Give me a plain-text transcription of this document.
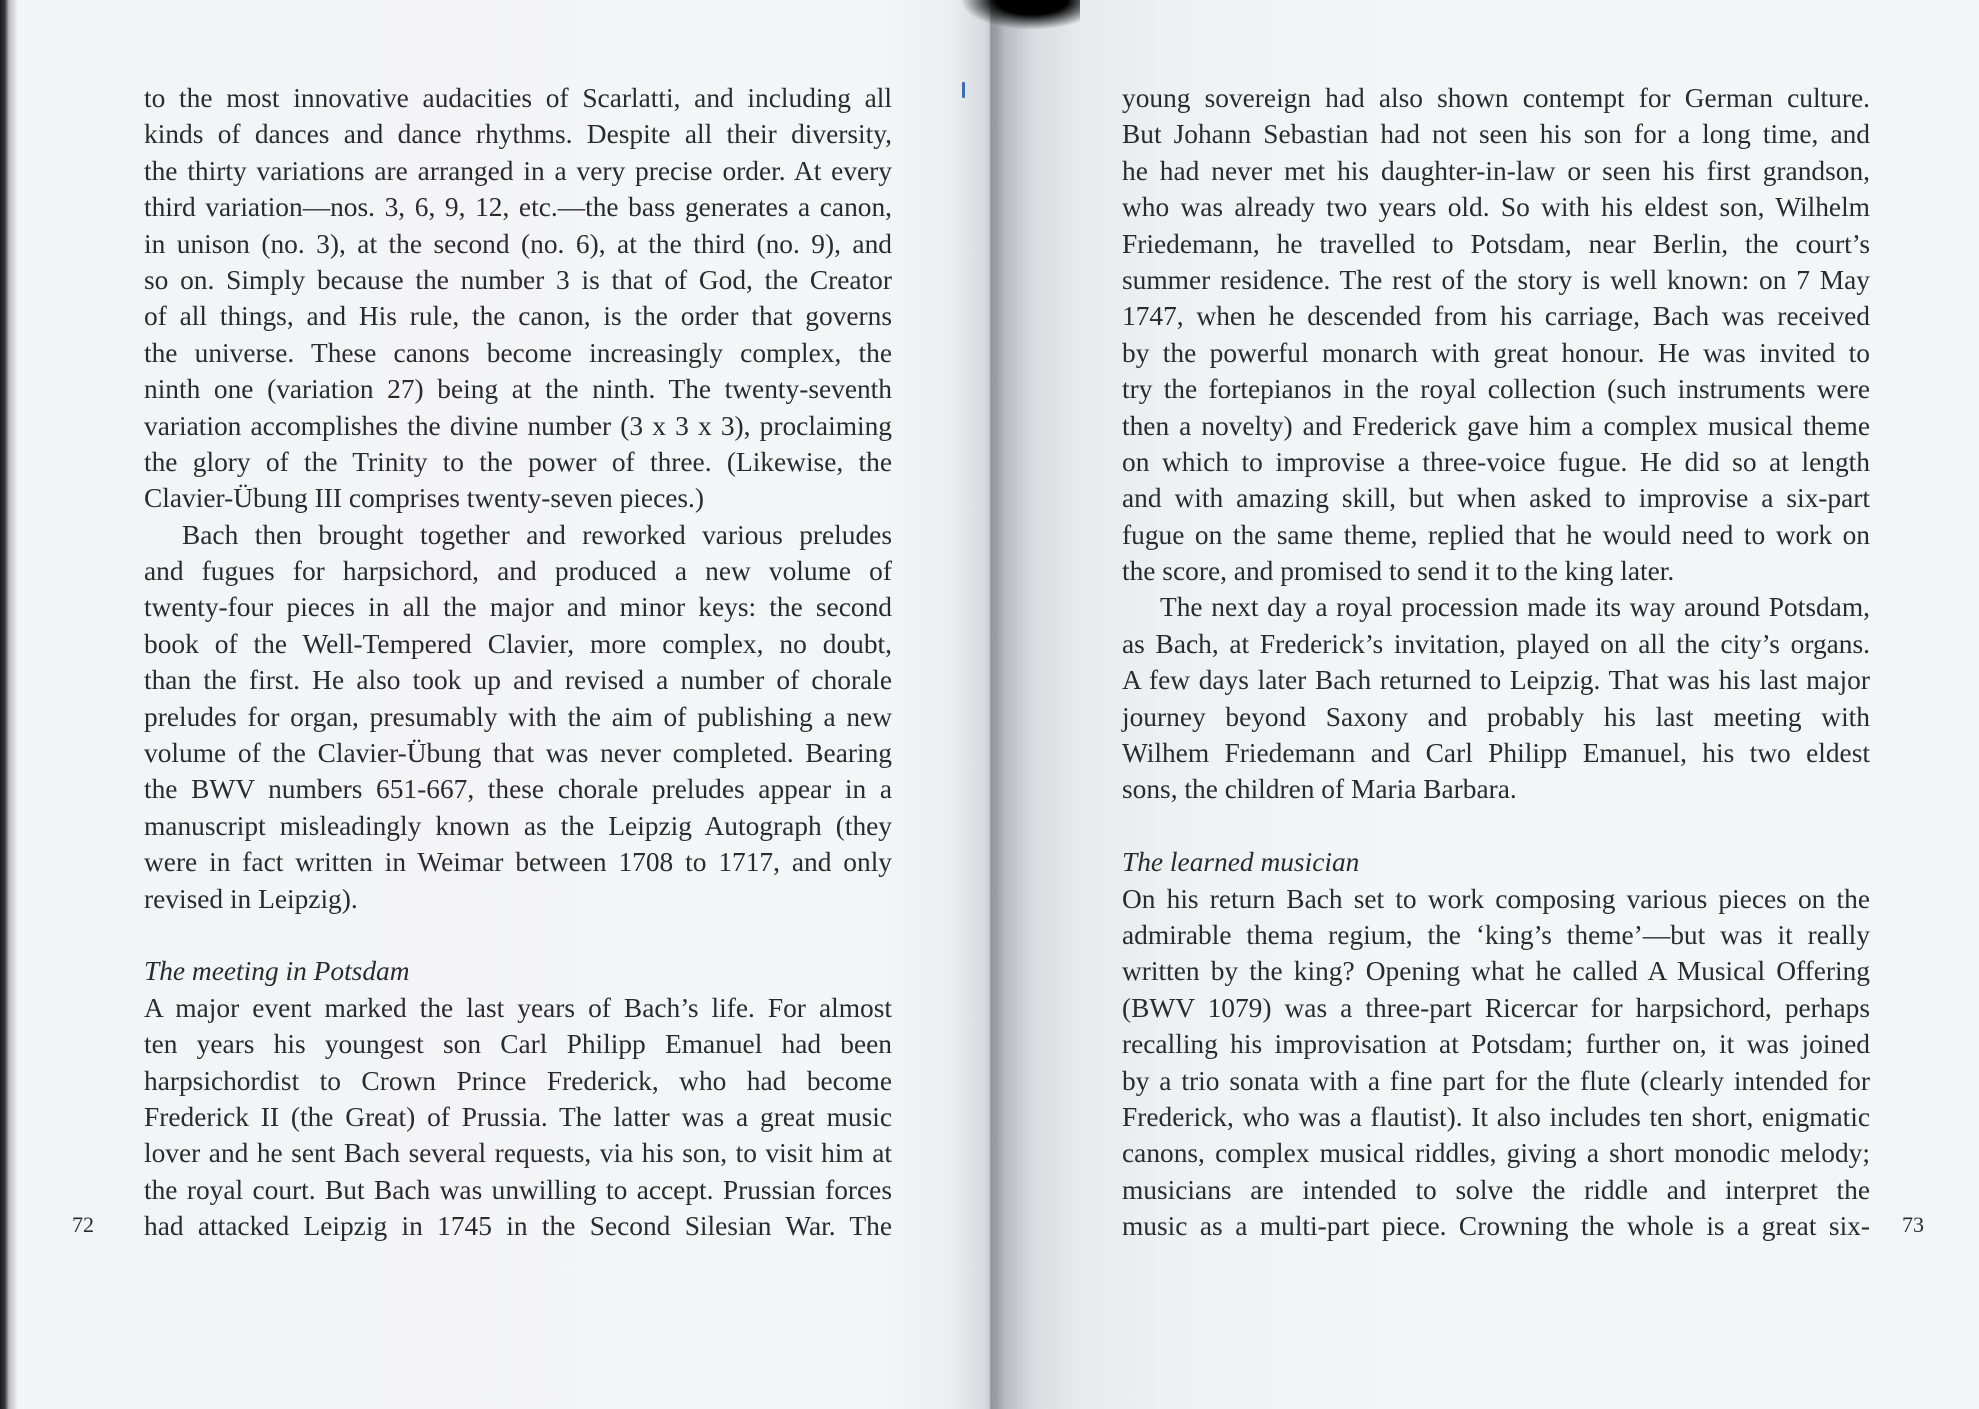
to the most innovative audacities of Scarlatti, and including all
kinds of dances and dance rhythms. Despite all their diversity,
the thirty variations are arranged in a very precise order. At every
third variation—nos. 3, 6, 9, 12, etc.—the bass generates a canon,
in unison (no. 3), at the second (no. 6), at the third (no. 9), and
so on. Simply because the number 3 is that of God, the Creator
of all things, and His rule, the canon, is the order that governs
the universe. These canons become increasingly complex, the
ninth one (variation 27) being at the ninth. The twenty-seventh
variation accomplishes the divine number (3 x 3 x 3), proclaiming
the glory of the Trinity to the power of three. (Likewise, the
Clavier-Übung III comprises twenty-seven pieces.)
Bach then brought together and reworked various preludes
and fugues for harpsichord, and produced a new volume of
twenty-four pieces in all the major and minor keys: the second
book of the Well-Tempered Clavier, more complex, no doubt,
than the first. He also took up and revised a number of chorale
preludes for organ, presumably with the aim of publishing a new
volume of the Clavier-Übung that was never completed. Bearing
the BWV numbers 651-667, these chorale preludes appear in a
manuscript misleadingly known as the Leipzig Autograph (they
were in fact written in Weimar between 1708 to 1717, and only
revised in Leipzig).
The meeting in Potsdam
A major event marked the last years of Bach’s life. For almost
ten years his youngest son Carl Philipp Emanuel had been
harpsichordist to Crown Prince Frederick, who had become
Frederick II (the Great) of Prussia. The latter was a great music
lover and he sent Bach several requests, via his son, to visit him at
the royal court. But Bach was unwilling to accept. Prussian forces
had attacked Leipzig in 1745 in the Second Silesian War. The
72
young sovereign had also shown contempt for German culture.
But Johann Sebastian had not seen his son for a long time, and
he had never met his daughter-in-law or seen his first grandson,
who was already two years old. So with his eldest son, Wilhelm
Friedemann, he travelled to Potsdam, near Berlin, the court’s
summer residence. The rest of the story is well known: on 7 May
1747, when he descended from his carriage, Bach was received
by the powerful monarch with great honour. He was invited to
try the fortepianos in the royal collection (such instruments were
then a novelty) and Frederick gave him a complex musical theme
on which to improvise a three-voice fugue. He did so at length
and with amazing skill, but when asked to improvise a six-part
fugue on the same theme, replied that he would need to work on
the score, and promised to send it to the king later.
The next day a royal procession made its way around Potsdam,
as Bach, at Frederick’s invitation, played on all the city’s organs.
A few days later Bach returned to Leipzig. That was his last major
journey beyond Saxony and probably his last meeting with
Wilhem Friedemann and Carl Philipp Emanuel, his two eldest
sons, the children of Maria Barbara.
The learned musician
On his return Bach set to work composing various pieces on the
admirable thema regium, the ‘king’s theme’—but was it really
written by the king? Opening what he called A Musical Offering
(BWV 1079) was a three-part Ricercar for harpsichord, perhaps
recalling his improvisation at Potsdam; further on, it was joined
by a trio sonata with a fine part for the flute (clearly intended for
Frederick, who was a flautist). It also includes ten short, enigmatic
canons, complex musical riddles, giving a short monodic melody;
musicians are intended to solve the riddle and interpret the
music as a multi-part piece. Crowning the whole is a great six- 73
